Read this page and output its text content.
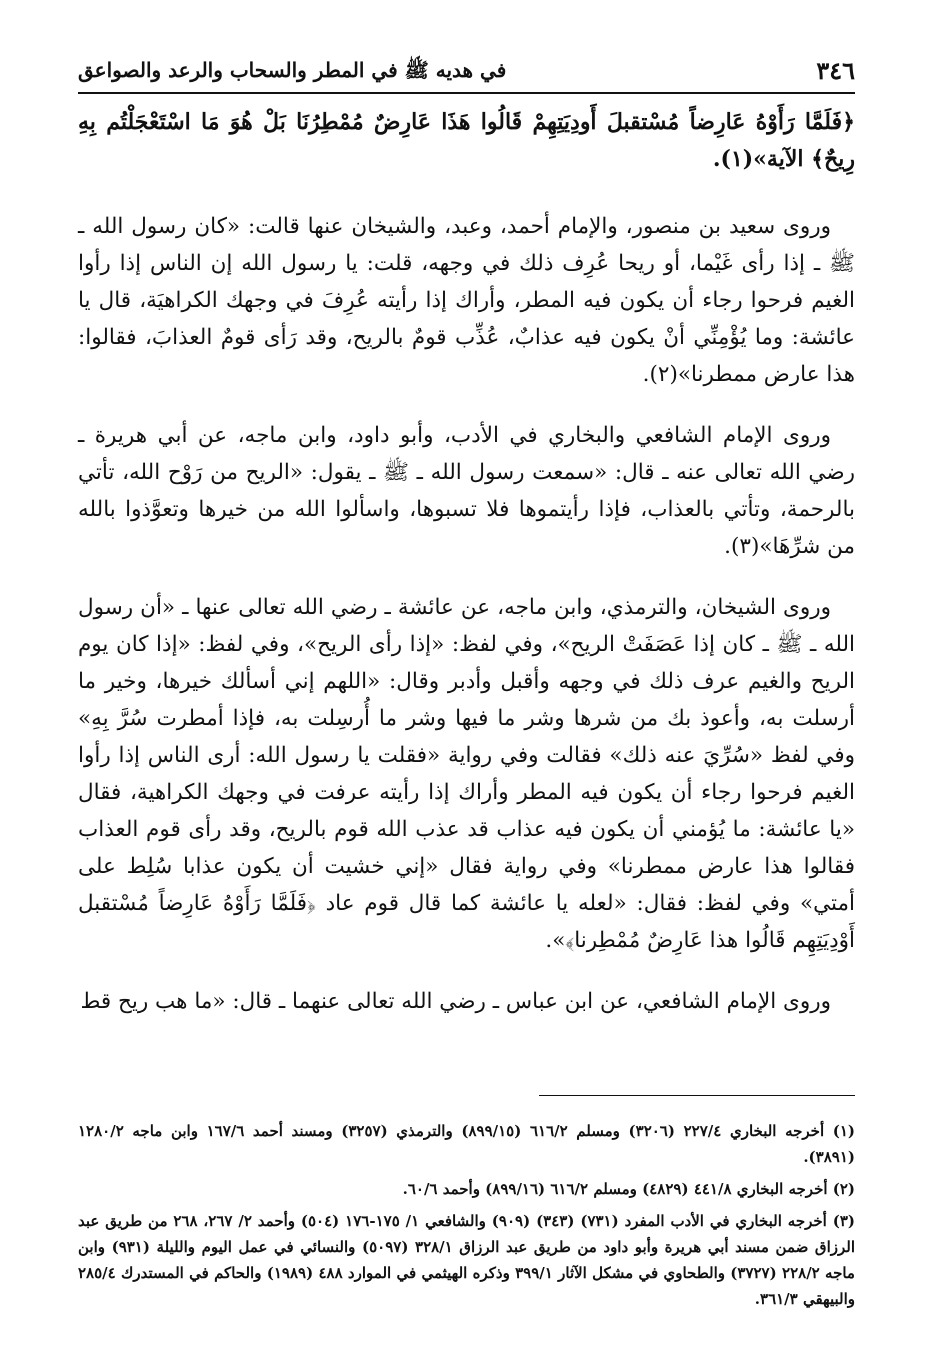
٣٤٦
في هديه ﷺ في المطر والسحاب والرعد والصواعق

﴿فَلَمَّا رَأَوْهُ عَارِضاً مُسْتقبلَ أَودِيَتِهِمْ قَالُوا هَذَا عَارِضٌ مُمْطِرُنَا بَلْ هُوَ مَا اسْتَعْجَلْتُم بِهِ رِيحٌ﴾ الآية»(١).

وروى سعيد بن منصور، والإمام أحمد، وعبد، والشيخان عنها قالت: «كان رسول الله ـ ﷺ ـ إذا رأى غَيْما، أو ريحا عُرِف ذلك في وجهه، قلت: يا رسول الله إن الناس إذا رأوا الغيم فرحوا رجاء أن يكون فيه المطر، وأراك إذا رأيته عُرِفَ في وجهك الكراهيَة، قال يا عائشة: وما يُؤْمِنِّي أنْ يكون فيه عذابٌ، عُذِّب قومٌ بالريح، وقد رَأى قومٌ العذابَ، فقالوا: هذا عارض ممطرنا»(٢).

وروى الإمام الشافعي والبخاري في الأدب، وأبو داود، وابن ماجه، عن أبي هريرة ـ رضي الله تعالى عنه ـ قال: «سمعت رسول الله ـ ﷺ ـ يقول: «الريح من رَوْح الله، تأتي بالرحمة، وتأتي بالعذاب، فإذا رأيتموها فلا تسبوها، واسألوا الله من خيرها وتعوَّذوا بالله من شرِّهَا»(٣).

وروى الشيخان، والترمذي، وابن ماجه، عن عائشة ـ رضي الله تعالى عنها ـ «أن رسول الله ـ ﷺ ـ كان إذا عَصَفَتْ الريح»، وفي لفظ: «إذا رأى الريح»، وفي لفظ: «إذا كان يوم الريح والغيم عرف ذلك في وجهه وأقبل وأدبر وقال: «اللهم إني أسألك خيرها، وخير ما أرسلت به، وأعوذ بك من شرها وشر ما فيها وشر ما أُرسِلت به، فإذا أمطرت سُرَّ بِهِ» وفي لفظ «سُرِّيَ عنه ذلك» فقالت وفي رواية «فقلت يا رسول الله: أرى الناس إذا رأوا الغيم فرحوا رجاء أن يكون فيه المطر وأراك إذا رأيته عرفت في وجهك الكراهية، فقال «يا عائشة: ما يُؤمني أن يكون فيه عذاب قد عذب الله قوم بالريح، وقد رأى قوم العذاب فقالوا هذا عارض ممطرنا» وفي رواية فقال «إني خشيت أن يكون عذابا سُلِط على أمتي» وفي لفظ: فقال: «لعله يا عائشة كما قال قوم عاد ﴿فَلَمَّا رَأَوْهُ عَارِضاً مُسْتقبل أَوْدِيَتِهِم قَالُوا هذا عَارِضٌ مُمْطِرنا﴾».

وروى الإمام الشافعي، عن ابن عباس ـ رضي الله تعالى عنهما ـ قال: «ما هب ريح قط

(١) أخرجه البخاري ٢٢٧/٤ (٣٢٠٦) ومسلم ٦١٦/٢ (٨٩٩/١٥) والترمذي (٣٢٥٧) ومسند أحمد ١٦٧/٦ وابن ماجه ١٢٨٠/٢ (٣٨٩١).

(٢) أخرجه البخاري ٤٤١/٨ (٤٨٢٩) ومسلم ٦١٦/٢ (٨٩٩/١٦) وأحمد ٦٠/٦.

(٣) أخرجه البخاري في الأدب المفرد (٧٣١) (٣٤٣) (٩٠٩) والشافعي ١/ ١٧٥-١٧٦ (٥٠٤) وأحمد ٢/ ٢٦٧، ٢٦٨ من طريق عبد الرزاق ضمن مسند أبي هريرة وأبو داود من طريق عبد الرزاق ٣٢٨/١ (٥٠٩٧) والنسائي في عمل اليوم والليلة (٩٣١) وابن ماجه ٢٢٨/٢ (٣٧٢٧) والطحاوي في مشكل الآثار ٣٩٩/١ وذكره الهيثمي في الموارد ٤٨٨ (١٩٨٩) والحاكم في المستدرك ٢٨٥/٤ والبيهقي ٣٦١/٣.
